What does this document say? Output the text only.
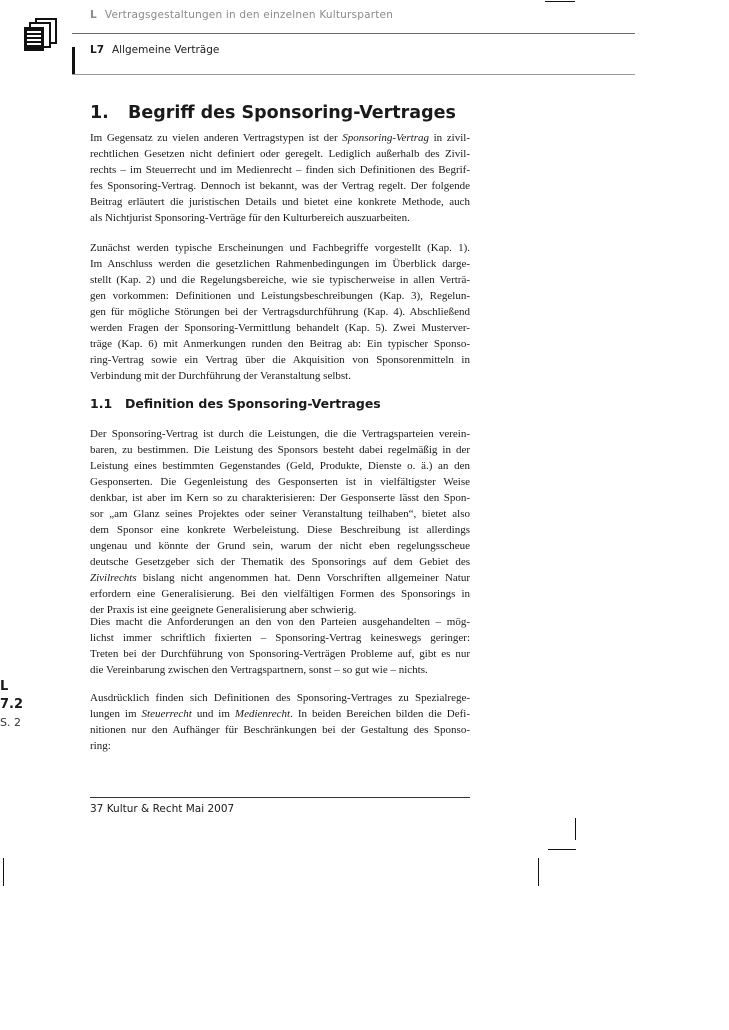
L Vertragsgestaltungen in den einzelnen Kultursparten
L7 Allgemeine Verträge
1. Begriff des Sponsoring-Vertrages
Im Gegensatz zu vielen anderen Vertragstypen ist der Sponsoring-Vertrag in zivil-
rechtlichen Gesetzen nicht definiert oder geregelt. Lediglich außerhalb des Zivil-
rechts – im Steuerrecht und im Medienrecht – finden sich Definitionen des Begrif-
fes Sponsoring-Vertrag. Dennoch ist bekannt, was der Vertrag regelt. Der folgende
Beitrag erläutert die juristischen Details und bietet eine konkrete Methode, auch
als Nichtjurist Sponsoring-Verträge für den Kulturbereich auszuarbeiten.
Zunächst werden typische Erscheinungen und Fachbegriffe vorgestellt (Kap. 1).
Im Anschluss werden die gesetzlichen Rahmenbedingungen im Überblick darge-
stellt (Kap. 2) und die Regelungsbereiche, wie sie typischerweise in allen Verträ-
gen vorkommen: Definitionen und Leistungsbeschreibungen (Kap. 3), Regelun-
gen für mögliche Störungen bei der Vertragsdurchführung (Kap. 4). Abschließend
werden Fragen der Sponsoring-Vermittlung behandelt (Kap. 5). Zwei Musterver-
träge (Kap. 6) mit Anmerkungen runden den Beitrag ab: Ein typischer Sponso-
ring-Vertrag sowie ein Vertrag über die Akquisition von Sponsorenmitteln in
Verbindung mit der Durchführung der Veranstaltung selbst.
1.1 Definition des Sponsoring-Vertrages
Der Sponsoring-Vertrag ist durch die Leistungen, die die Vertragsparteien verein-
baren, zu bestimmen. Die Leistung des Sponsors besteht dabei regelmäßig in der
Leistung eines bestimmten Gegenstandes (Geld, Produkte, Dienste o. ä.) an den
Gesponserten. Die Gegenleistung des Gesponserten ist in vielfältigster Weise
denkbar, ist aber im Kern so zu charakterisieren: Der Gesponserte lässt den Spon-
sor „am Glanz seines Projektes oder seiner Veranstaltung teilhaben“, bietet also
dem Sponsor eine konkrete Werbeleistung. Diese Beschreibung ist allerdings
ungenau und könnte der Grund sein, warum der nicht eben regelungsscheue
deutsche Gesetzgeber sich der Thematik des Sponsorings auf dem Gebiet des
Zivilrechts bislang nicht angenommen hat. Denn Vorschriften allgemeiner Natur
erfordern eine Generalisierung. Bei den vielfältigen Formen des Sponsorings in
der Praxis ist eine geeignete Generalisierung aber schwierig.
Dies macht die Anforderungen an den von den Parteien ausgehandelten – mög-
lichst immer schriftlich fixierten – Sponsoring-Vertrag keineswegs geringer:
Treten bei der Durchführung von Sponsoring-Verträgen Probleme auf, gibt es nur
die Vereinbarung zwischen den Vertragspartnern, sonst – so gut wie – nichts.
Ausdrücklich finden sich Definitionen des Sponsoring-Vertrages zu Spezialrege-
lungen im Steuerrecht und im Medienrecht. In beiden Bereichen bilden die Defi-
nitionen nur den Aufhänger für Beschränkungen bei der Gestaltung des Sponso-
ring:
L
7.2
S. 2
37 Kultur & Recht Mai 2007
